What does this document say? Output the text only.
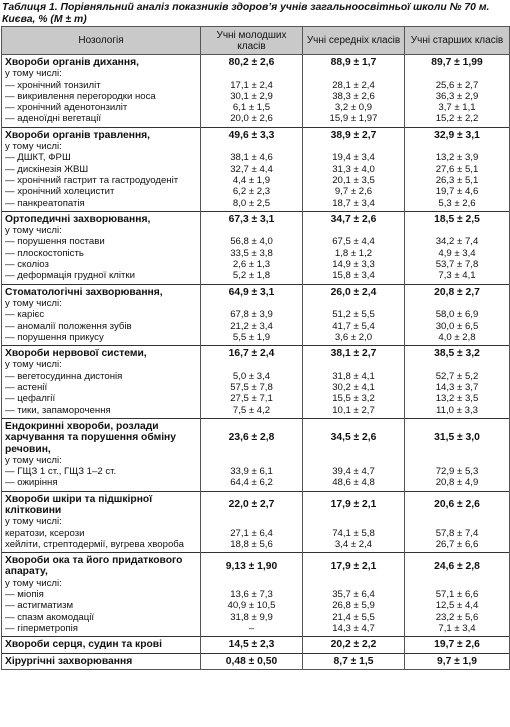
Таблиця 1. Порівняльний аналіз показників здоров’я учнів загальноосвітньої школи № 70 м. Києва, % (M ± m)
Нозологія	Учні молодших класів	Учні середніх класів	Учні старших класів
Хвороби органів дихання,	80,2 ± 2,6	88,9 ± 1,7	89,7 ± 1,99
у тому числі:			
— хронічний тонзиліт	17,1 ± 2,4	28,1 ± 2,4	25,6 ± 2,7
— викривлення перегородки носа	30,1 ± 2,9	38,3 ± 2,6	36,3 ± 2,9
— хронічний аденотонзиліт	6,1 ± 1,5	3,2 ± 0,9	3,7 ± 1,1
— аденоїдні вегетації	20,0 ± 2,6	15,9 ± 1,97	15,2 ± 2,2
Хвороби органів травлення,	49,6 ± 3,3	38,9 ± 2,7	32,9 ± 3,1
у тому числі:			
— ДШКТ, ФРШ	38,1 ± 4,6	19,4 ± 3,4	13,2 ± 3,9
— дискінезія ЖВШ	32,7 ± 4,4	31,3 ± 4,0	27,6 ± 5,1
— хронічний гастрит та гастродуоденіт	4,4 ± 1,9	20,1 ± 3,5	26,3 ± 5,1
— хронічний холецистит	6,2 ± 2,3	9,7 ± 2,6	19,7 ± 4,6
— панкреатопатія	8,0 ± 2,5	18,7 ± 3,4	5,3 ± 2,6
Ортопедичні захворювання,	67,3 ± 3,1	34,7 ± 2,6	18,5 ± 2,5
у тому числі:			
— порушення постави	56,8 ± 4,0	67,5 ± 4,4	34,2 ± 7,4
— плоскостопість	33,5 ± 3,8	1,8 ± 1,2	4,9 ± 3,4
— сколіоз	2,6 ± 1,3	14,9 ± 3,3	53,7 ± 7,8
— деформація грудної клітки	5,2 ± 1,8	15,8 ± 3,4	7,3 ± 4,1
Стоматологічні захворювання,	64,9 ± 3,1	26,0 ± 2,4	20,8 ± 2,7
у тому числі:			
— карієс	67,8 ± 3,9	51,2 ± 5,5	58,0 ± 6,9
— аномалії положення зубів	21,2 ± 3,4	41,7 ± 5,4	30,0 ± 6,5
— порушення прикусу	5,5 ± 1,9	3,6 ± 2,0	4,0 ± 2,8
Хвороби нервової системи,	16,7 ± 2,4	38,1 ± 2,7	38,5 ± 3,2
у тому числі:			
— вегетосудинна дистонія	5,0 ± 3,4	31,8 ± 4,1	52,7 ± 5,2
— астенії	57,5 ± 7,8	30,2 ± 4,1	14,3 ± 3,7
— цефалгії	27,5 ± 7,1	15,5 ± 3,2	13,2 ± 3,5
— тики, запаморочення	7,5 ± 4,2	10,1 ± 2,7	11,0 ± 3,3
Ендокринні хвороби, розлади харчування та порушення обміну речовин,	23,6 ± 2,8	34,5 ± 2,6	31,5 ± 3,0
у тому числі:			
— ГЩЗ 1 ст., ГЩЗ 1–2 ст.	33,9 ± 6,1	39,4 ± 4,7	72,9 ± 5,3
— ожиріння	64,4 ± 6,2	48,6 ± 4,8	20,8 ± 4,9
Хвороби шкіри та підшкірної клітковини	22,0 ± 2,7	17,9 ± 2,1	20,6 ± 2,6
у тому числі:			
кератози, ксерози	27,1 ± 6,4	74,1 ± 5,8	57,8 ± 7,4
хейліти, стрептодермії, вугрева хвороба	18,8 ± 5,6	3,4 ± 2,4	26,7 ± 6,6
Хвороби ока та його придаткового апарату,	9,13 ± 1,90	17,9 ± 2,1	24,6 ± 2,8
у тому числі:			
— міопія	13,6 ± 7,3	35,7 ± 6,4	57,1 ± 6,6
— астигматизм	40,9 ± 10,5	26,8 ± 5,9	12,5 ± 4,4
— спазм акомодації	31,8 ± 9,9	21,4 ± 5,5	23,2 ± 5,6
— гіперметропія	–	14,3 ± 4,7	7,1 ± 3,4
Хвороби серця, судин та крові	14,5 ± 2,3	20,2 ± 2,2	19,7 ± 2,6
Хірургічні захворювання	0,48 ± 0,50	8,7 ± 1,5	9,7 ± 1,9
